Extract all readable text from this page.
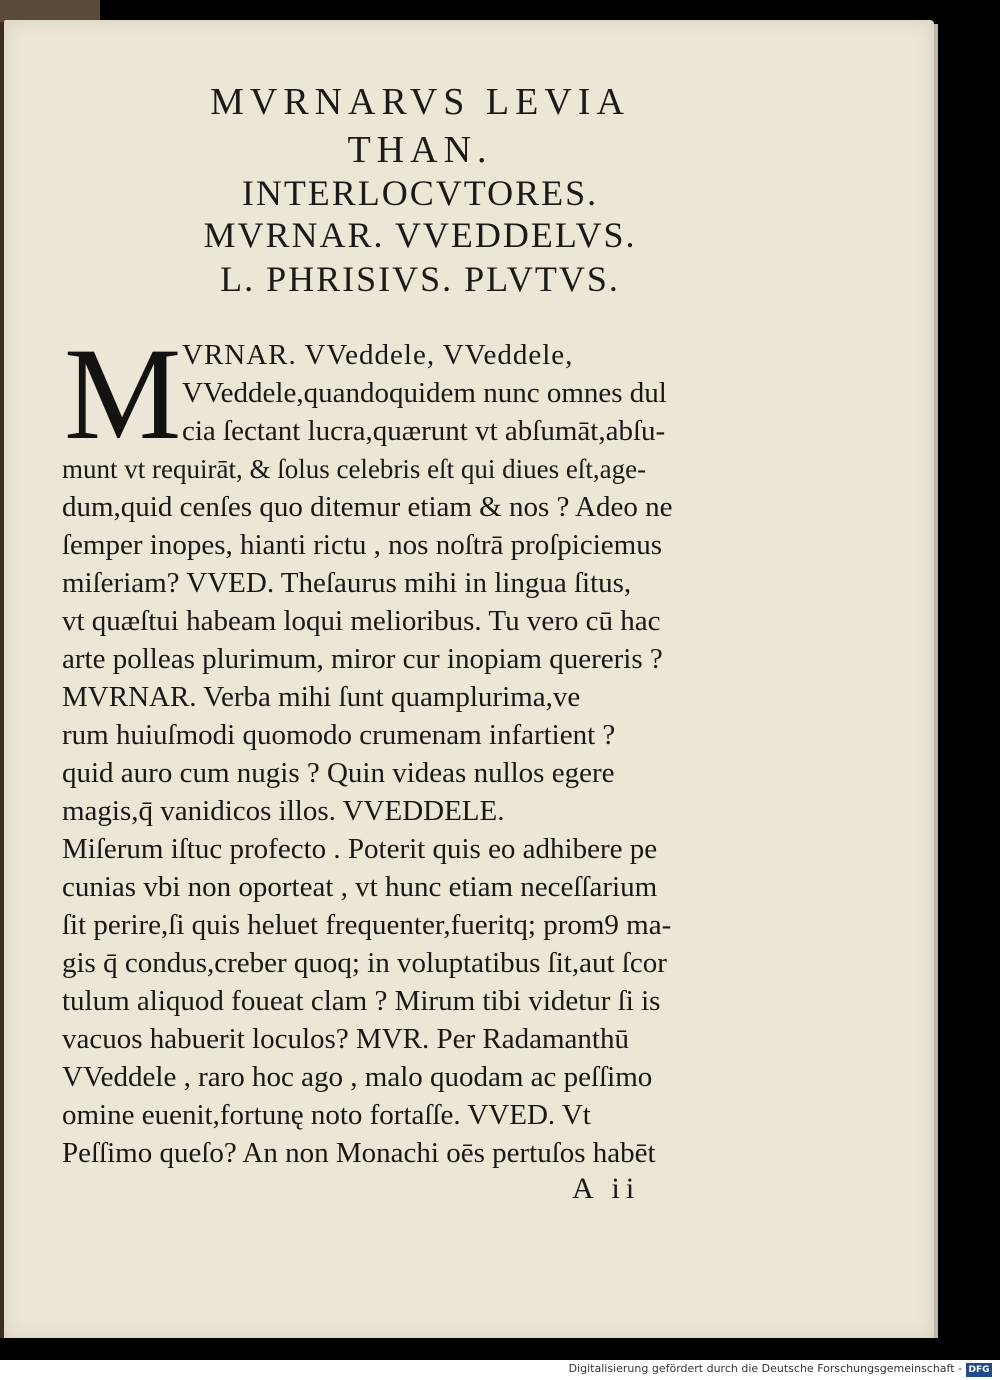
MVRNARVS LEVIA
THAN.
INTERLOCVTORES.
MVRNAR. VVEDDELVS.
L. PHRISIVS. PLVTVS.
M VRNAR. VVeddele, VVeddele,
VVeddele,quandoquidem nunc omnes dul
cia ſectant lucra,quærunt vt abſumāt,abſu-
munt vt requirāt, & ſolus celebris eſt qui diues eſt,age-
dum,quid cenſes quo ditemur etiam & nos ? Adeo ne
ſemper inopes, hianti rictu , nos noſtrā proſpiciemus
miſeriam? VVED. Theſaurus mihi in lingua ſitus,
vt quæſtui habeam loqui melioribus. Tu vero cū hac
arte polleas plurimum, miror cur inopiam quereris ?
MVRNAR. Verba mihi ſunt quamplurima,ve
rum huiuſmodi quomodo crumenam infartient ?
quid auro cum nugis ? Quin videas nullos egere
magis,q̄ vanidicos illos. VVEDDELE.
Miſerum iſtuc profecto . Poterit quis eo adhibere pe
cunias vbi non oporteat , vt hunc etiam neceſſarium
ſit perire,ſi quis heluet frequenter,fueritq; prom9 ma-
gis q̄ condus,creber quoq; in voluptatibus ſit,aut ſcor
tulum aliquod foueat clam ? Mirum tibi videtur ſi is
vacuos habuerit loculos? MVR. Per Radamanthū
VVeddele , raro hoc ago , malo quodam ac peſſimo
omine euenit,fortunę noto fortaſſe. VVED. Vt
Peſſimo queſo? An non Monachi oēs pertuſos habēt
A ii
Digitalisierung gefördert durch die Deutsche Forschungsgemeinschaft - DFG
